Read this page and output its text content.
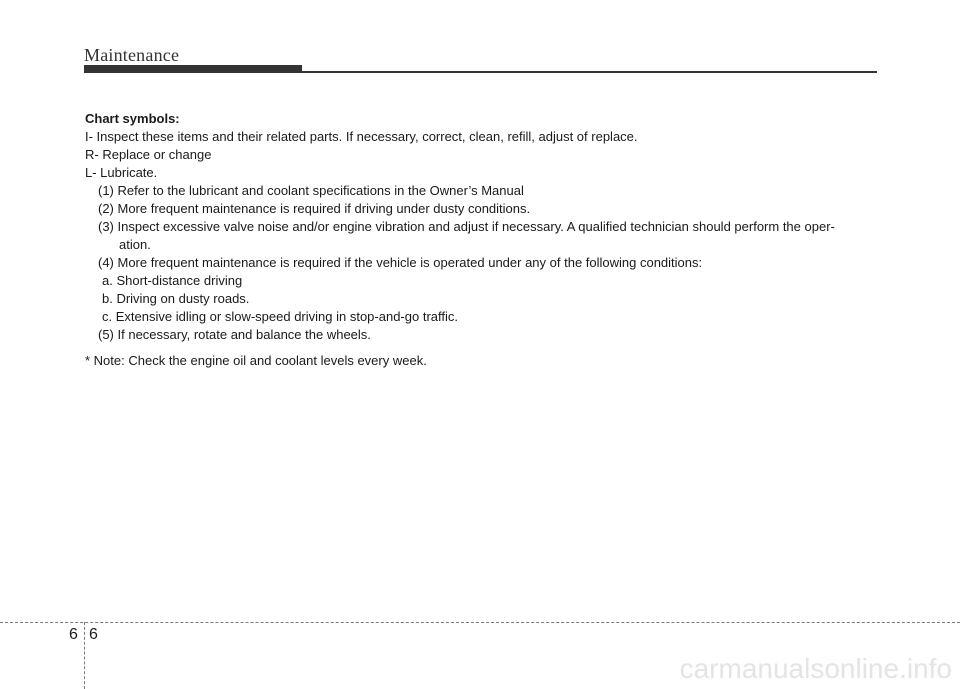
Maintenance

Chart symbols:

I- Inspect these items and their related parts. If necessary, correct, clean, refill, adjust of replace.

R- Replace or change

L- Lubricate.

(1) Refer to the lubricant and coolant specifications in the Owner’s Manual

(2) More frequent maintenance is required if driving under dusty conditions.

(3) Inspect excessive valve noise and/or engine vibration and adjust if necessary. A qualified technician should perform the oper-

ation.

(4) More frequent maintenance is required if the vehicle is operated under any of the following conditions:

a. Short-distance driving

b. Driving on dusty roads.

c. Extensive idling or slow-speed driving in stop-and-go traffic.

(5) If necessary, rotate and balance the wheels.

* Note: Check the engine oil and coolant levels every week.

6 6
carmanualsonline.info
